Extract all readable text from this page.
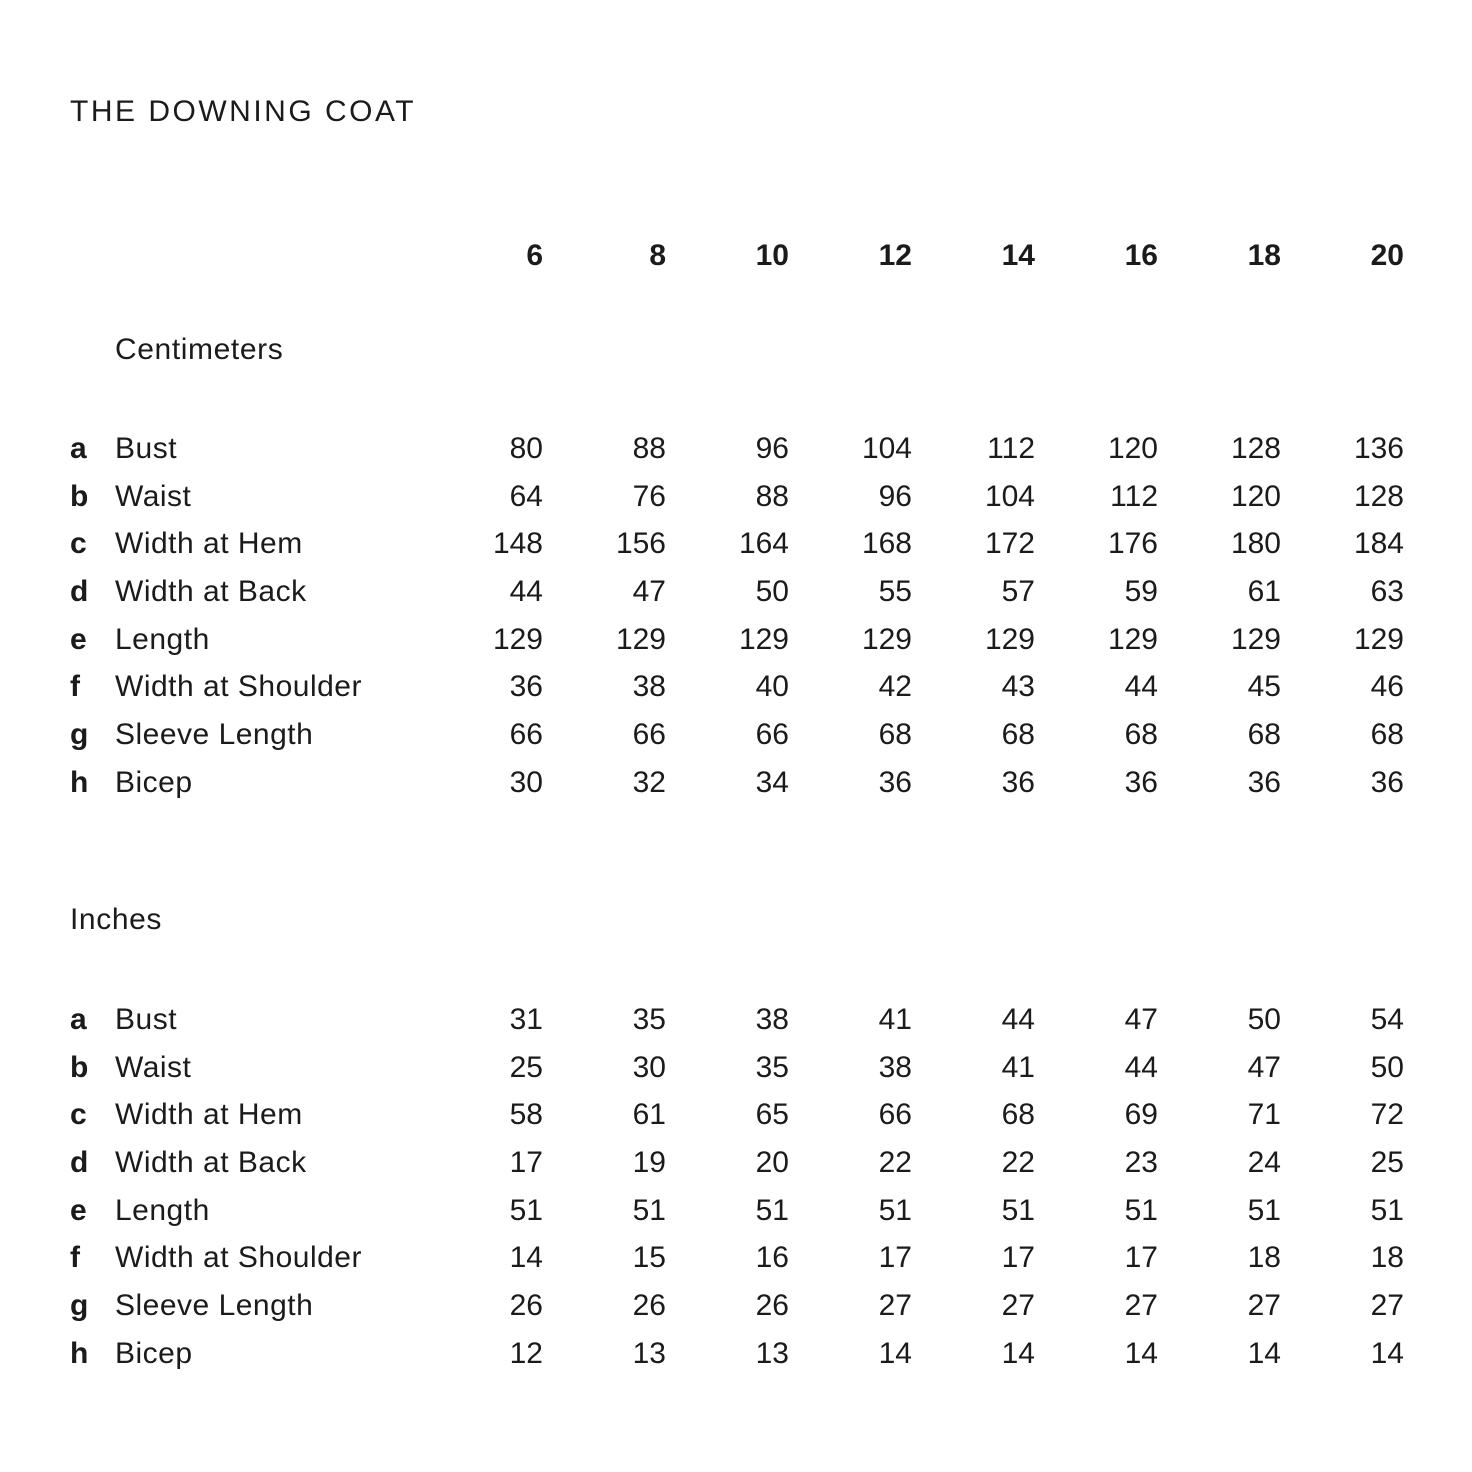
THE DOWNING COAT
6	8	10	12	14	16	18	20
Centimeters
a Bust	80	88	96	104	112	120	128	136
b Waist	64	76	88	96	104	112	120	128
c Width at Hem	148	156	164	168	172	176	180	184
d Width at Back	44	47	50	55	57	59	61	63
e Length	129	129	129	129	129	129	129	129
f	Width at Shoulder	36	38	40	42	43	44	45	46
g Sleeve Length	66	66	66	68	68	68	68	68
h Bicep	30	32	34	36	36	36	36	36
Inches
a Bust	31	35	38	41	44	47	50	54
b Waist	25	30	35	38	41	44	47	50
c Width at Hem	58	61	65	66	68	69	71	72
d Width at Back	17	19	20	22	22	23	24	25
e Length	51	51	51	51	51	51	51	51
f	Width at Shoulder	14	15	16	17	17	17	18	18
g Sleeve Length	26	26	26	27	27	27	27	27
h Bicep	12	13	13	14	14	14	14	14
